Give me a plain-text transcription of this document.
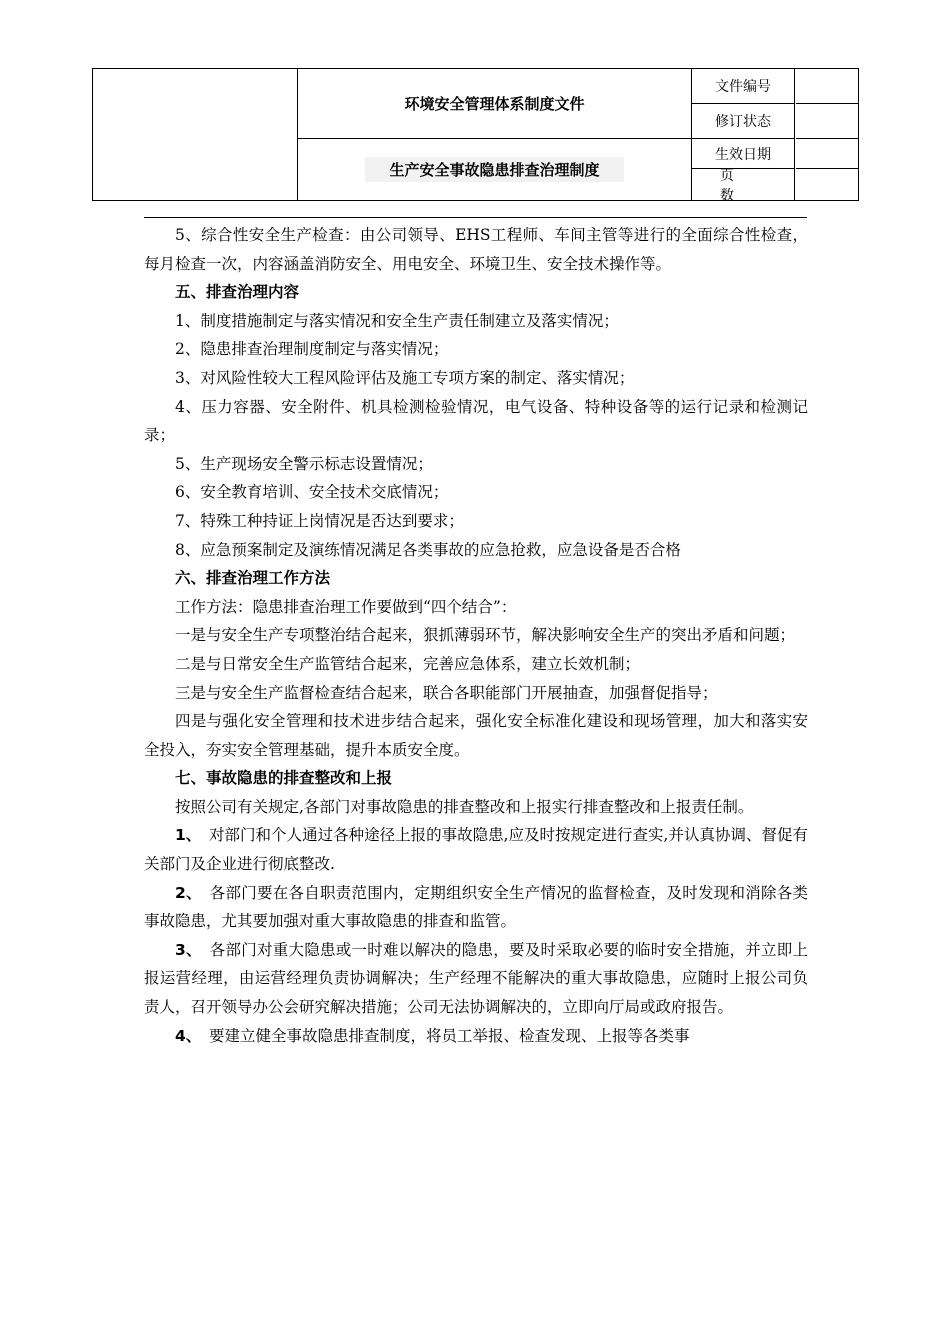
环境安全管理体系制度文件
生产安全事故隐患排查治理制度
文件编号
修订状态
生效日期
页数

5、综合性安全生产检查：由公司领导、EHS工程师、车间主管等进行的全面综合性检查，每月检查一次，内容涵盖消防安全、用电安全、环境卫生、安全技术操作等。

五、排查治理内容

1、制度措施制定与落实情况和安全生产责任制建立及落实情况；

2、隐患排查治理制度制定与落实情况；

3、对风险性较大工程风险评估及施工专项方案的制定、落实情况；

4、压力容器、安全附件、机具检测检验情况，电气设备、特种设备等的运行记录和检测记录；

5、生产现场安全警示标志设置情况；

6、安全教育培训、安全技术交底情况；

7、特殊工种持证上岗情况是否达到要求；

8、应急预案制定及演练情况满足各类事故的应急抢救，应急设备是否合格

六、排查治理工作方法

工作方法：隐患排查治理工作要做到“四个结合”：

一是与安全生产专项整治结合起来，狠抓薄弱环节，解决影响安全生产的突出矛盾和问题；

二是与日常安全生产监管结合起来，完善应急体系，建立长效机制；

三是与安全生产监督检查结合起来，联合各职能部门开展抽查，加强督促指导；

四是与强化安全管理和技术进步结合起来，强化安全标准化建设和现场管理，加大和落实安全投入，夯实安全管理基础，提升本质安全度。

七、事故隐患的排查整改和上报

按照公司有关规定,各部门对事故隐患的排查整改和上报实行排查整改和上报责任制。

1、　对部门和个人通过各种途径上报的事故隐患,应及时按规定进行查实,并认真协调、督促有关部门及企业进行彻底整改.

2、　各部门要在各自职责范围内，定期组织安全生产情况的监督检查，及时发现和消除各类事故隐患，尤其要加强对重大事故隐患的排查和监管。

3、　各部门对重大隐患或一时难以解决的隐患，要及时采取必要的临时安全措施，并立即上报运营经理，由运营经理负责协调解决；生产经理不能解决的重大事故隐患，应随时上报公司负责人，召开领导办公会研究解决措施；公司无法协调解决的，立即向厅局或政府报告。

4、　要建立健全事故隐患排查制度，将员工举报、检查发现、上报等各类事
